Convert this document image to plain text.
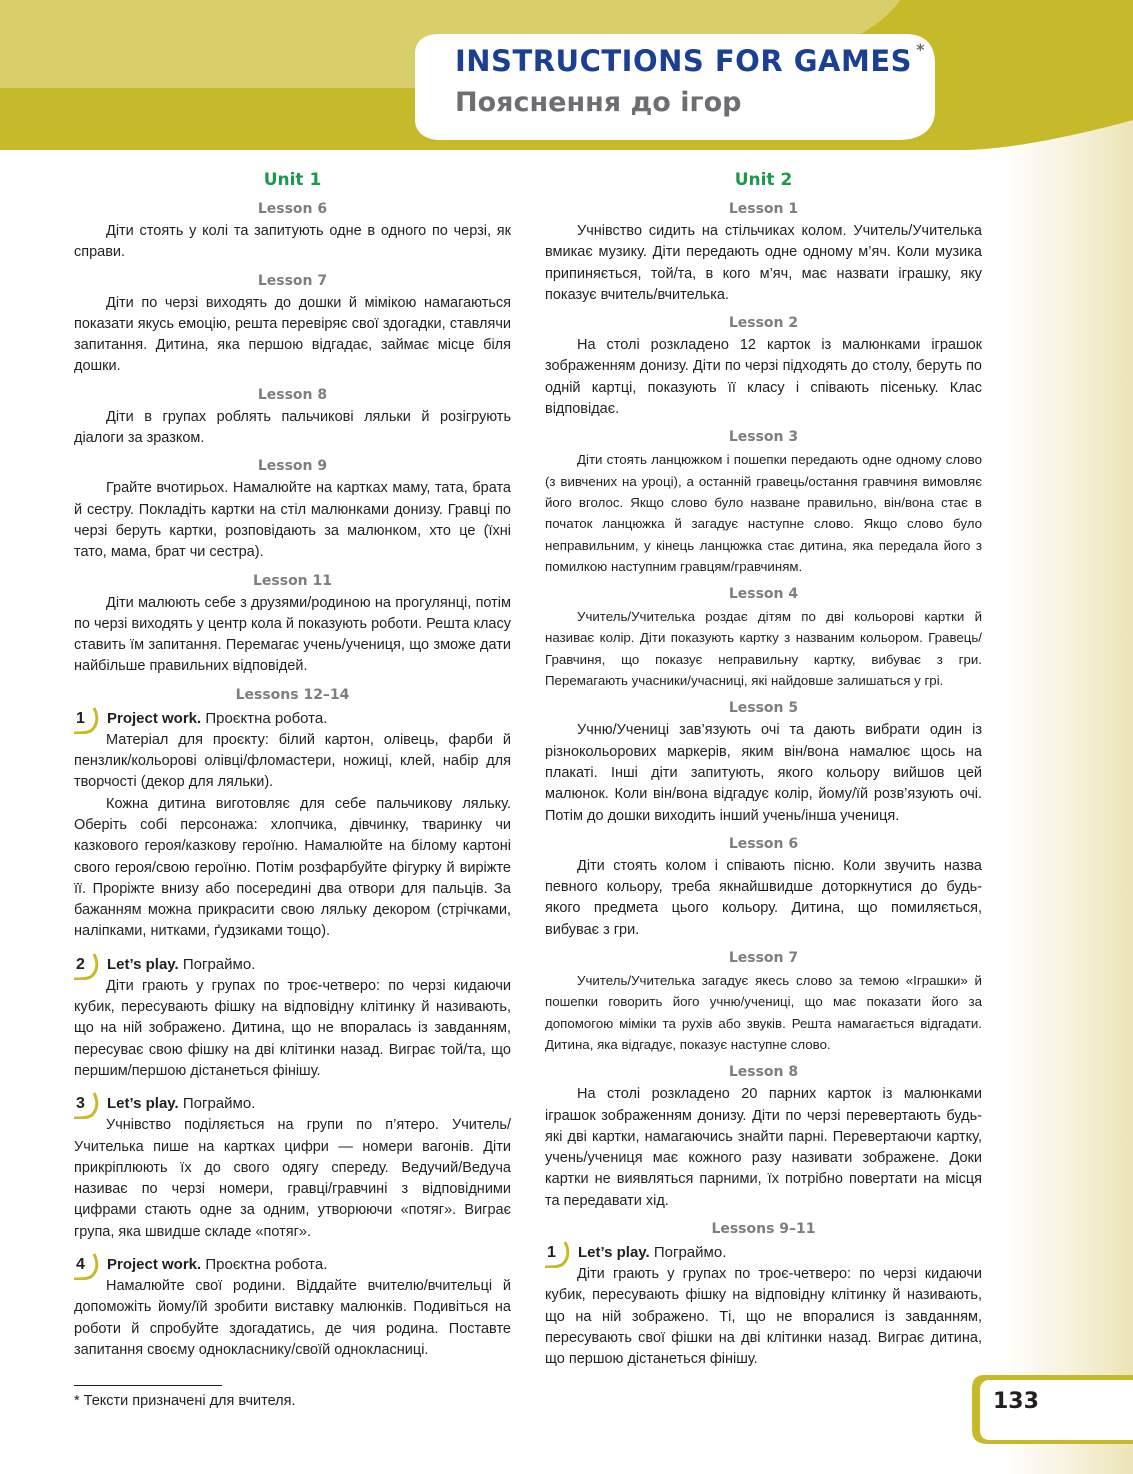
INSTRUCTIONS FOR GAMES *
Пояснення до ігор
Unit 1
Lesson 6

Діти стоять у колі та запитують одне в одного по черзі, як справи.

Lesson 7

Діти по черзі виходять до дошки й мімікою намагаються показати якусь емоцію, решта перевіряє свої здогадки, ставлячи запитання. Дитина, яка першою відгадає, займає місце біля дошки.

Lesson 8

Діти в групах роблять пальчикові ляльки й розігрують діалоги за зразком.

Lesson 9

Грайте вчотирьох. Намалюйте на картках маму, тата, брата й сестру. Покладіть картки на стіл малюнками донизу. Гравці по черзі беруть картки, розповідають за малюнком, хто це (їхні тато, мама, брат чи сестра).

Lesson 11

Діти малюють себе з друзями/родиною на прогулянці, потім по черзі виходять у центр кола й показують роботи. Решта класу ставить їм запитання. Перемагає учень/учениця, що зможе дати найбільше правильних відповідей.

Lessons 12–14
1 Project work. Проєктна робота.

Матеріал для проєкту: білий картон, олівець, фарби й пензлик/кольорові олівці/фломастери, ножиці, клей, набір для творчості (декор для ляльки).

Кожна дитина виготовляє для себе пальчикову ляльку. Оберіть собі персонажа: хлопчика, дівчинку, тваринку чи казкового героя/казкову героїню. Намалюйте на білому картоні свого героя/свою героїню. Потім розфарбуйте фігурку й виріжте її. Проріжте внизу або посередині два отвори для пальців. За бажанням можна прикрасити свою ляльку декором (стрічками, наліпками, нитками, ґудзиками тощо).

2 Let’s play. Пограймо.

Діти грають у групах по троє-четверо: по черзі кидаючи кубик, пересувають фішку на відповідну клітинку й називають, що на ній зображено. Дитина, що не впоралась із завданням, пересуває свою фішку на дві клітинки назад. Виграє той/та, що першим/першою дістанеться фінішу.

3 Let’s play. Пограймо.

Учнівство поділяється на групи по п’ятеро. Учитель/ Учителька пише на картках цифри — номери вагонів. Діти прикріплюють їх до свого одягу спереду. Ведучий/Ведуча називає по черзі номери, гравці/гравчині з відповідними цифрами стають одне за одним, утворюючи «потяг». Виграє група, яка швидше складе «потяг».

4 Project work. Проєктна робота.

Намалюйте свої родини. Віддайте вчителю/вчительці й допоможіть йому/їй зробити виставку малюнків. Подивіться на роботи й спробуйте здогадатись, де чия родина. Поставте запитання своєму однокласнику/своїй однокласниці.

Unit 2
Lesson 1

Учнівство сидить на стільчиках колом. Учитель/Учителька вмикає музику. Діти передають одне одному м’яч. Коли музика припиняється, той/та, в кого м’яч, має назвати іграшку, яку показує вчитель/вчителька.

Lesson 2

На столі розкладено 12 карток із малюнками іграшок зображенням донизу. Діти по черзі підходять до столу, беруть по одній картці, показують її класу і співають пісеньку. Клас відповідає.

Lesson 3

Діти стоять ланцюжком і пошепки передають одне одному слово (з вивчених на уроці), а останній гравець/остання гравчиня вимовляє його вголос. Якщо слово було назване правильно, він/вона стає в початок ланцюжка й загадує наступне слово. Якщо слово було неправильним, у кінець ланцюжка стає дитина, яка передала його з помилкою наступним гравцям/гравчиням.

Lesson 4

Учитель/Учителька роздає дітям по дві кольорові картки й називає колір. Діти показують картку з названим кольором. Гравець/Гравчиня, що показує неправильну картку, вибуває з гри. Перемагають учасники/учасниці, які найдовше залишаться у грі.

Lesson 5

Учню/Учениці зав’язують очі та дають вибрати один із різнокольорових маркерів, яким він/вона намалює щось на плакаті. Інші діти запитують, якого кольору вийшов цей малюнок. Коли він/вона відгадує колір, йому/їй розв’язують очі. Потім до дошки виходить інший учень/інша учениця.

Lesson 6

Діти стоять колом і співають пісню. Коли звучить назва певного кольору, треба якнайшвидше доторкнутися до будь-якого предмета цього кольору. Дитина, що помиляється, вибуває з гри.

Lesson 7

Учитель/Учителька загадує якесь слово за темою «Іграшки» й пошепки говорить його учню/учениці, що має показати його за допомогою міміки та рухів або звуків. Решта намагається відгадати. Дитина, яка відгадує, показує наступне слово.

Lesson 8

На столі розкладено 20 парних карток із малюнками іграшок зображенням донизу. Діти по черзі перевертають будь-які дві картки, намагаючись знайти парні. Перевертаючи картку, учень/учениця має кожного разу називати зображене. Доки картки не виявляться парними, їх потрібно повертати на місця та передавати хід.

Lessons 9–11
1 Let’s play. Пограймо.

Діти грають у групах по троє-четверо: по черзі кидаючи кубик, пересувають фішку на відповідну клітинку й називають, що на ній зображено. Ті, що не впоралися із завданням, пересувають свої фішки на дві клітинки назад. Виграє дитина, що першою дістанеться фінішу.

* Тексти призначені для вчителя.	133
